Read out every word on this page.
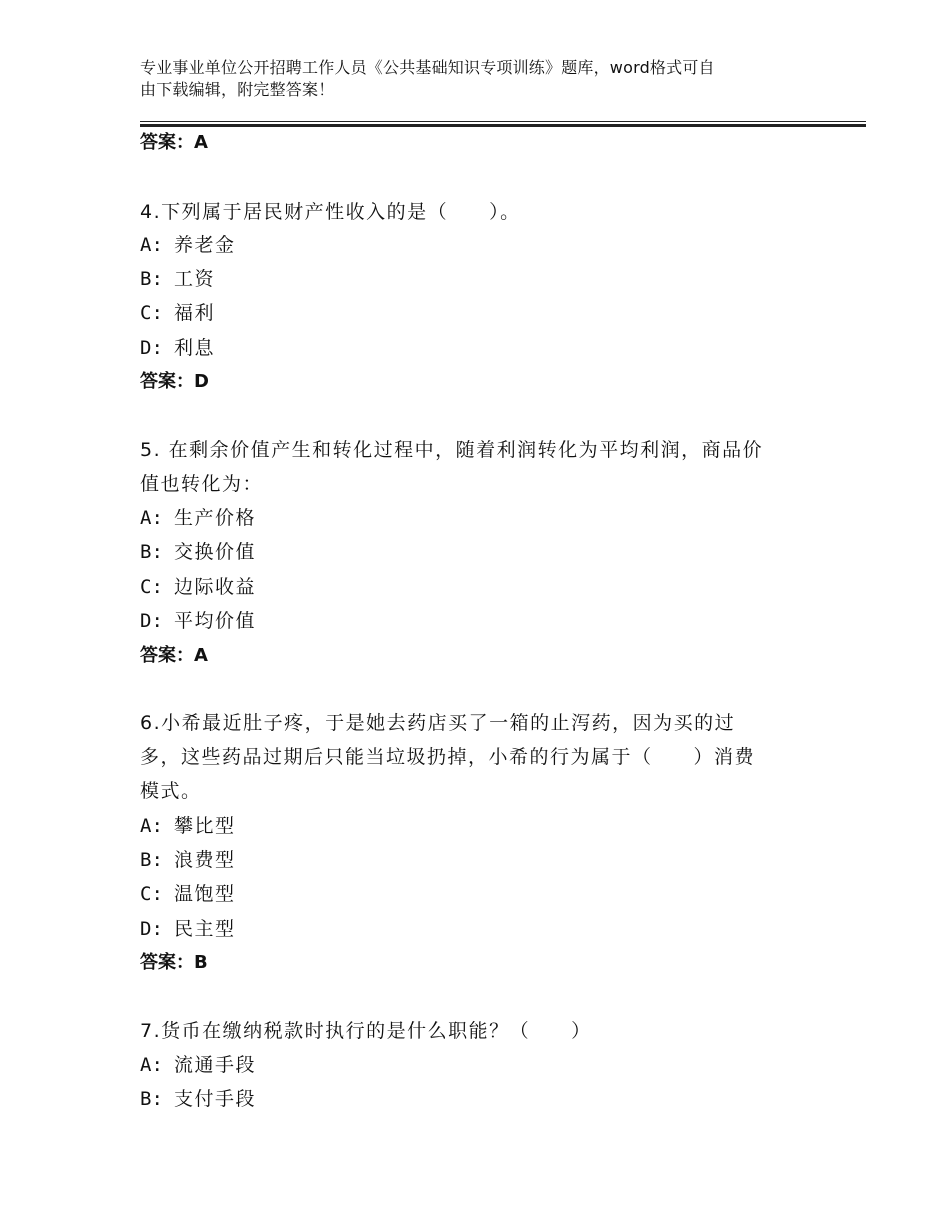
专业事业单位公开招聘工作人员《公共基础知识专项训练》题库，word格式可自
由下载编辑，附完整答案！
答案：A
4.下列属于居民财产性收入的是（　　）。
A: 养老金
B: 工资
C: 福利
D: 利息
答案：D
5. 在剩余价值产生和转化过程中，随着利润转化为平均利润，商品价
值也转化为：
A: 生产价格
B: 交换价值
C: 边际收益
D: 平均价值
答案：A
6.小希最近肚子疼，于是她去药店买了一箱的止泻药，因为买的过
多，这些药品过期后只能当垃圾扔掉，小希的行为属于（　　）消费
模式。
A: 攀比型
B: 浪费型
C: 温饱型
D: 民主型
答案：B
7.货币在缴纳税款时执行的是什么职能？（　　）
A: 流通手段
B: 支付手段
